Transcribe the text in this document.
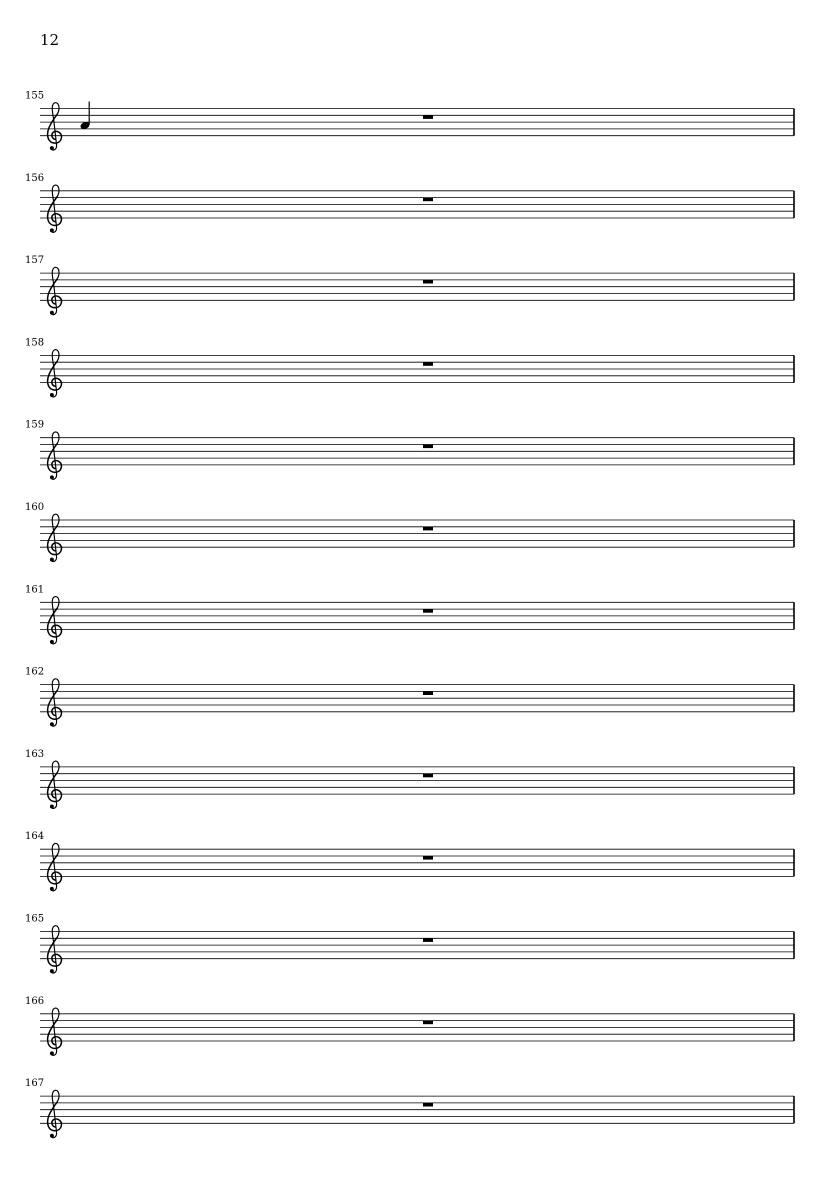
12
155
156
157
158
159
160
161
162
163
164
165
166
167
